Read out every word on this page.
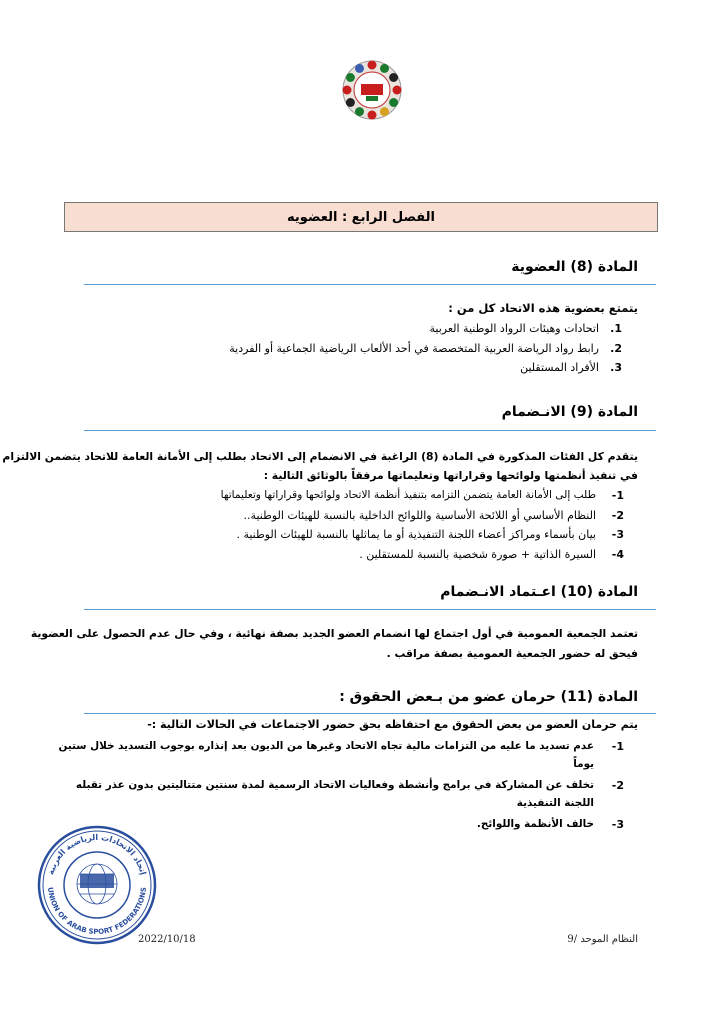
الفصل الرابع : العضويه
المادة (8) العضوية
يتمتع بعضوية هذه الاتحاد كل من :
اتحادات وهيئات الرواد الوطنية العربية .1
رابط رواد الرياضة العربية المتخصصة في أحد الألعاب الرياضية الجماعية أو الفردية .2
الأفراد المستقلين .3
المادة (9) الانـضمام
يتقدم كل الفئات المذكورة في المادة (8) الراغبة في الانضمام إلى الاتحاد بطلب إلى الأمانة العامة للاتحاد يتضمن الالتزام
في تنفيذ أنظمتها ولوائحها وقراراتها وتعليماتها مرفقاً بالوثائق التالية :
طلب إلى الأمانة العامة يتضمن التزامه بتنفيذ أنظمة الاتحاد ولوائحها وقراراتها وتعليماتها -1
النظام الأساسي أو اللائحة الأساسية واللوائح الداخلية بالنسبة للهيئات الوطنية.. -2
بيان بأسماء ومراكز أعضاء اللجنة التنفيذية أو ما يماثلها بالنسبة للهيئات الوطنية . -3
السيرة الذاتية + صورة شخصية بالنسبة للمستقلين . -4
المادة (10) اعـتماد الانـضمام
تعتمد الجمعية العمومية في أول اجتماع لها انضمام العضو الجديد بصفة نهائية ، وفي حال عدم الحصول على العضوية
فيحق له حضور الجمعية العمومية بصفة مراقب .
المادة (11) حرمان عضو من بـعض الحقوق :
يتم حرمان العضو من بعض الحقوق مع احتفاظه بحق حضور الاجتماعات في الحالات التالية :-
عدم تسديد ما عليه من التزامات مالية تجاه الاتحاد وغيرها من الديون بعد إنذاره بوجوب التسديد خلال ستين
يوماً
-1
تخلف عن المشاركة في برامج وأنشطة وفعاليات الاتحاد الرسمية لمدة سنتين متتاليتين بدون عذر تقبله
اللجنة التنفيذية
-2
خالف الأنظمة واللوائح. -3
إتحاد الاتحادات الرياضية العربية
UNION OF ARAB SPORT FEDERATIONS
2022/10/18	النظام الموحد /9
